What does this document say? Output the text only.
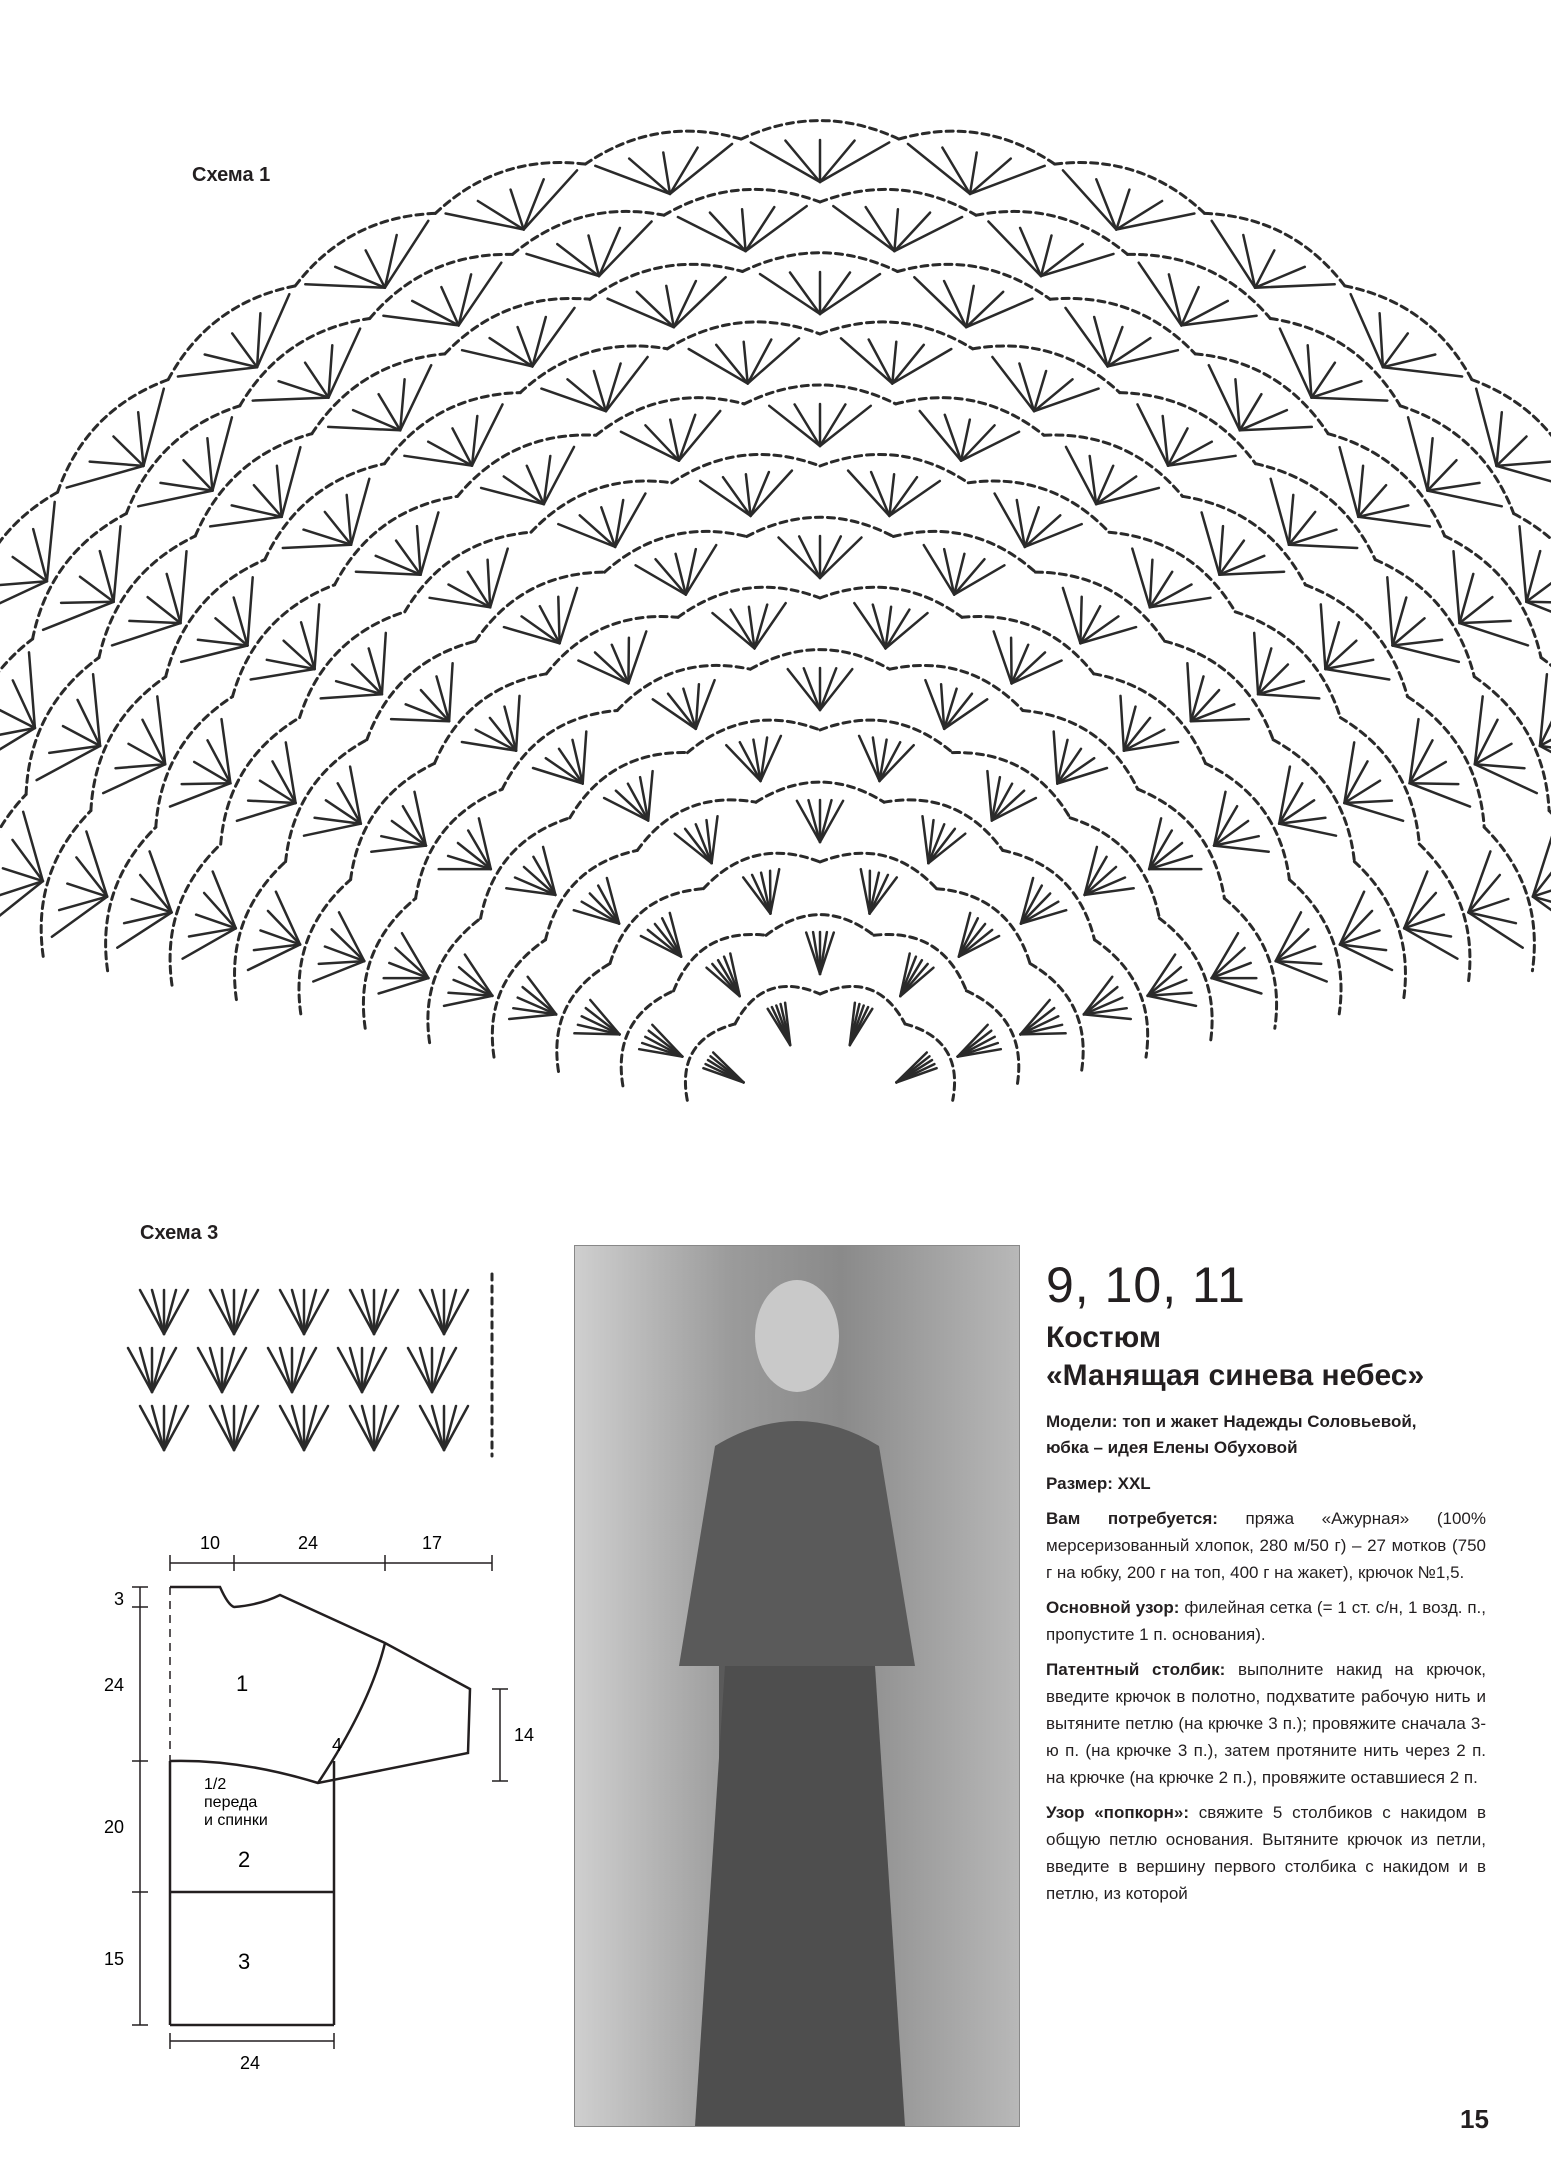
Схема 1
Схема 3
10	24	17
3
24
20
15
14
24
1
4
1/2
переда
и спинки
2
3
9, 10, 11
Костюм
«Манящая синева небес»
Модели: топ и жакет Надежды Соловьевой,
юбка – идея Елены Обуховой
Размер: XXL
Вам потребуется: пряжа «Ажурная» (100% мерсеризованный хлопок, 280 м/50 г) – 27 мотков (750 г на юбку, 200 г на топ, 400 г на жакет), крючок №1,5.
Основной узор: филейная сетка (= 1 ст. с/н, 1 возд. п., пропустите 1 п. основания).
Патентный столбик: выполните накид на крючок, введите крючок в полотно, подхватите рабочую нить и вытяните петлю (на крючке 3 п.); провяжите сначала 3-ю п. (на крючке 3 п.), затем протяните нить через 2 п. на крючке (на крючке 2 п.), провяжите оставшиеся 2 п.
Узор «попкорн»: свяжите 5 столбиков с накидом в общую петлю основания. Вытяните крючок из петли, введите в вершину первого столбика с накидом и в петлю, из которой
15
